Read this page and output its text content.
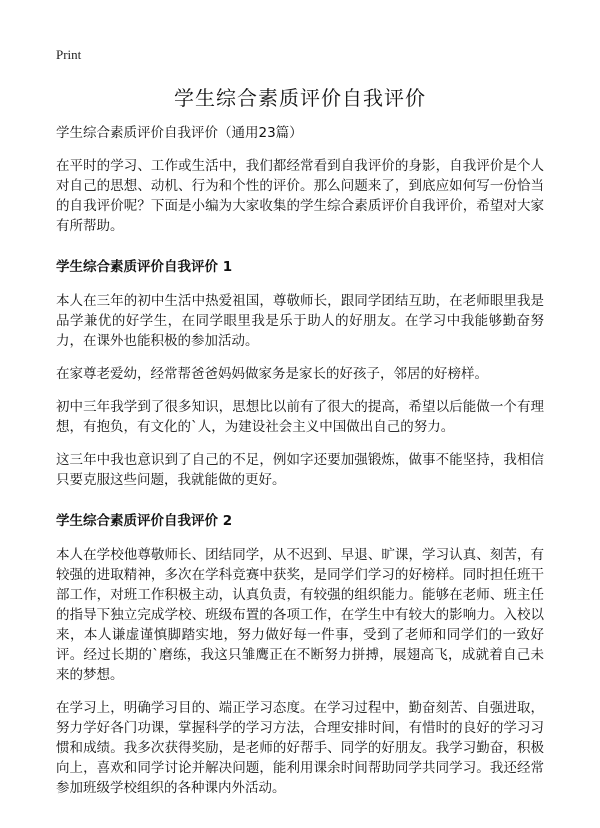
Print
学生综合素质评价自我评价
学生综合素质评价自我评价（通用23篇）

在平时的学习、工作或生活中，我们都经常看到自我评价的身影，自我评价是个人对自己的思想、动机、行为和个性的评价。那么问题来了，到底应如何写一份恰当的自我评价呢？下面是小编为大家收集的学生综合素质评价自我评价，希望对大家有所帮助。

学生综合素质评价自我评价 1

本人在三年的初中生活中热爱祖国，尊敬师长，跟同学团结互助，在老师眼里我是品学兼优的好学生，在同学眼里我是乐于助人的好朋友。在学习中我能够勤奋努力，在课外也能积极的参加活动。

在家尊老爱幼，经常帮爸爸妈妈做家务是家长的好孩子，邻居的好榜样。

初中三年我学到了很多知识，思想比以前有了很大的提高，希望以后能做一个有理想，有抱负，有文化的`人，为建设社会主义中国做出自己的努力。

这三年中我也意识到了自己的不足，例如字还要加强锻炼，做事不能坚持，我相信只要克服这些问题，我就能做的更好。

学生综合素质评价自我评价 2

本人在学校他尊敬师长、团结同学，从不迟到、早退、旷课，学习认真、刻苦，有较强的进取精神，多次在学科竞赛中获奖，是同学们学习的好榜样。同时担任班干部工作，对班工作积极主动，认真负责，有较强的组织能力。能够在老师、班主任的指导下独立完成学校、班级布置的各项工作，在学生中有较大的影响力。入校以来，本人谦虚谨慎脚踏实地，努力做好每一件事，受到了老师和同学们的一致好评。经过长期的`磨练，我这只雏鹰正在不断努力拼搏，展翅高飞，成就着自己未来的梦想。

在学习上，明确学习目的、端正学习态度。在学习过程中，勤奋刻苦、自强进取，努力学好各门功课，掌握科学的学习方法，合理安排时间，有惜时的良好的学习习惯和成绩。我多次获得奖励，是老师的好帮手、同学的好朋友。我学习勤奋，积极向上，喜欢和同学讨论并解决问题，能利用课余时间帮助同学共同学习。我还经常参加班级学校组织的各种课内外活动。
